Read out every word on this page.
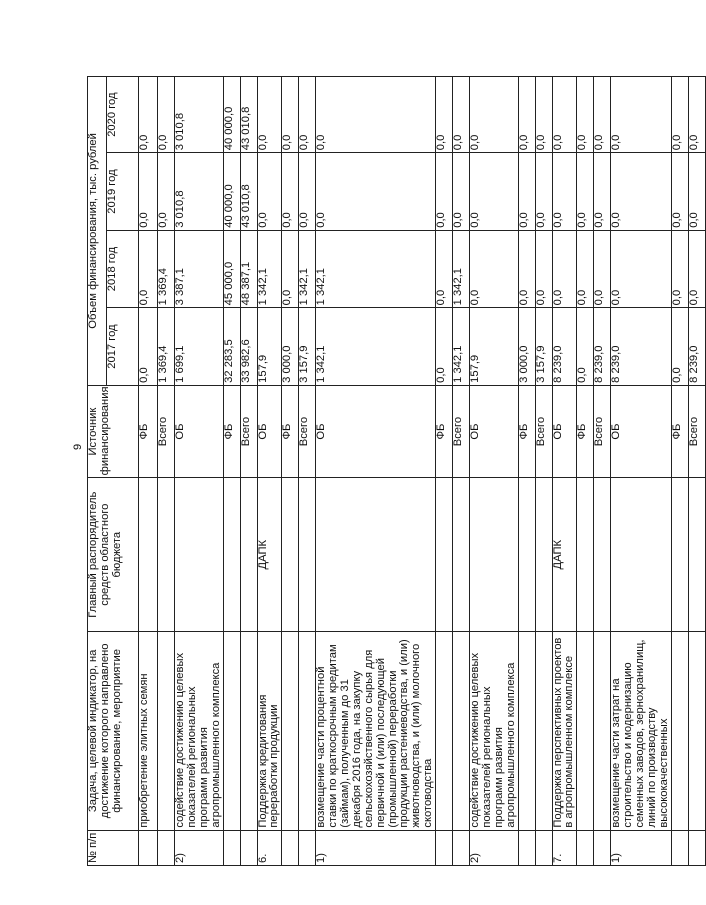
9
№ п/п	Задача, целевой индикатор, на достижение которого направлено финансирование, мероприятие	Главный распорядитель средств областного бюджета	Источник финансирования	Объем финансирования, тыс. рублей			
				2017 год	2018 год	2019 год	2020 год
	приобретение элитных семян		ФБ	0,0	0,0	0,0	0,0
			Всего	1 369,4	1 369,4	0,0	0,0
2)	содействие достижению целевых показателей региональных программ развития агропромышленного комплекса		ОБ	1 699,1	3 387,1	3 010,8	3 010,8
			ФБ	32 283,5	45 000,0	40 000,0	40 000,0
			Всего	33 982,6	48 387,1	43 010,8	43 010,8
6.	Поддержка кредитования переработки продукции	ДАПК	ОБ	157,9	1 342,1	0,0	0,0
			ФБ	3 000,0	0,0	0,0	0,0
			Всего	3 157,9	1 342,1	0,0	0,0
1)	возмещение части процентной ставки по краткосрочным кредитам (займам), полученным до 31 декабря 2016 года, на закупку сельскохозяйственного сырья для первичной и (или) последующей (промышленной) переработки продукции растениеводства, и (или) животноводства, и (или) молочного скотоводства		ОБ	1 342,1	1 342,1	0,0	0,0
			ФБ	0,0	0,0	0,0	0,0
			Всего	1 342,1	1 342,1	0,0	0,0
2)	содействие достижению целевых показателей региональных программ развития агропромышленного комплекса		ОБ	157,9	0,0	0,0	0,0
			ФБ	3 000,0	0,0	0,0	0,0
			Всего	3 157,9	0,0	0,0	0,0
7.	Поддержка перспективных проектов в агропромышленном комплексе	ДАПК	ОБ	8 239,0	0,0	0,0	0,0
			ФБ	0,0	0,0	0,0	0,0
			Всего	8 239,0	0,0	0,0	0,0
1)	возмещение части затрат на строительство и модернизацию семенных заводов, зернохранилищ, линий по производству высококачественных		ОБ	8 239,0	0,0	0,0	0,0
			ФБ	0,0	0,0	0,0	0,0
			Всего	8 239,0	0,0	0,0	0,0
